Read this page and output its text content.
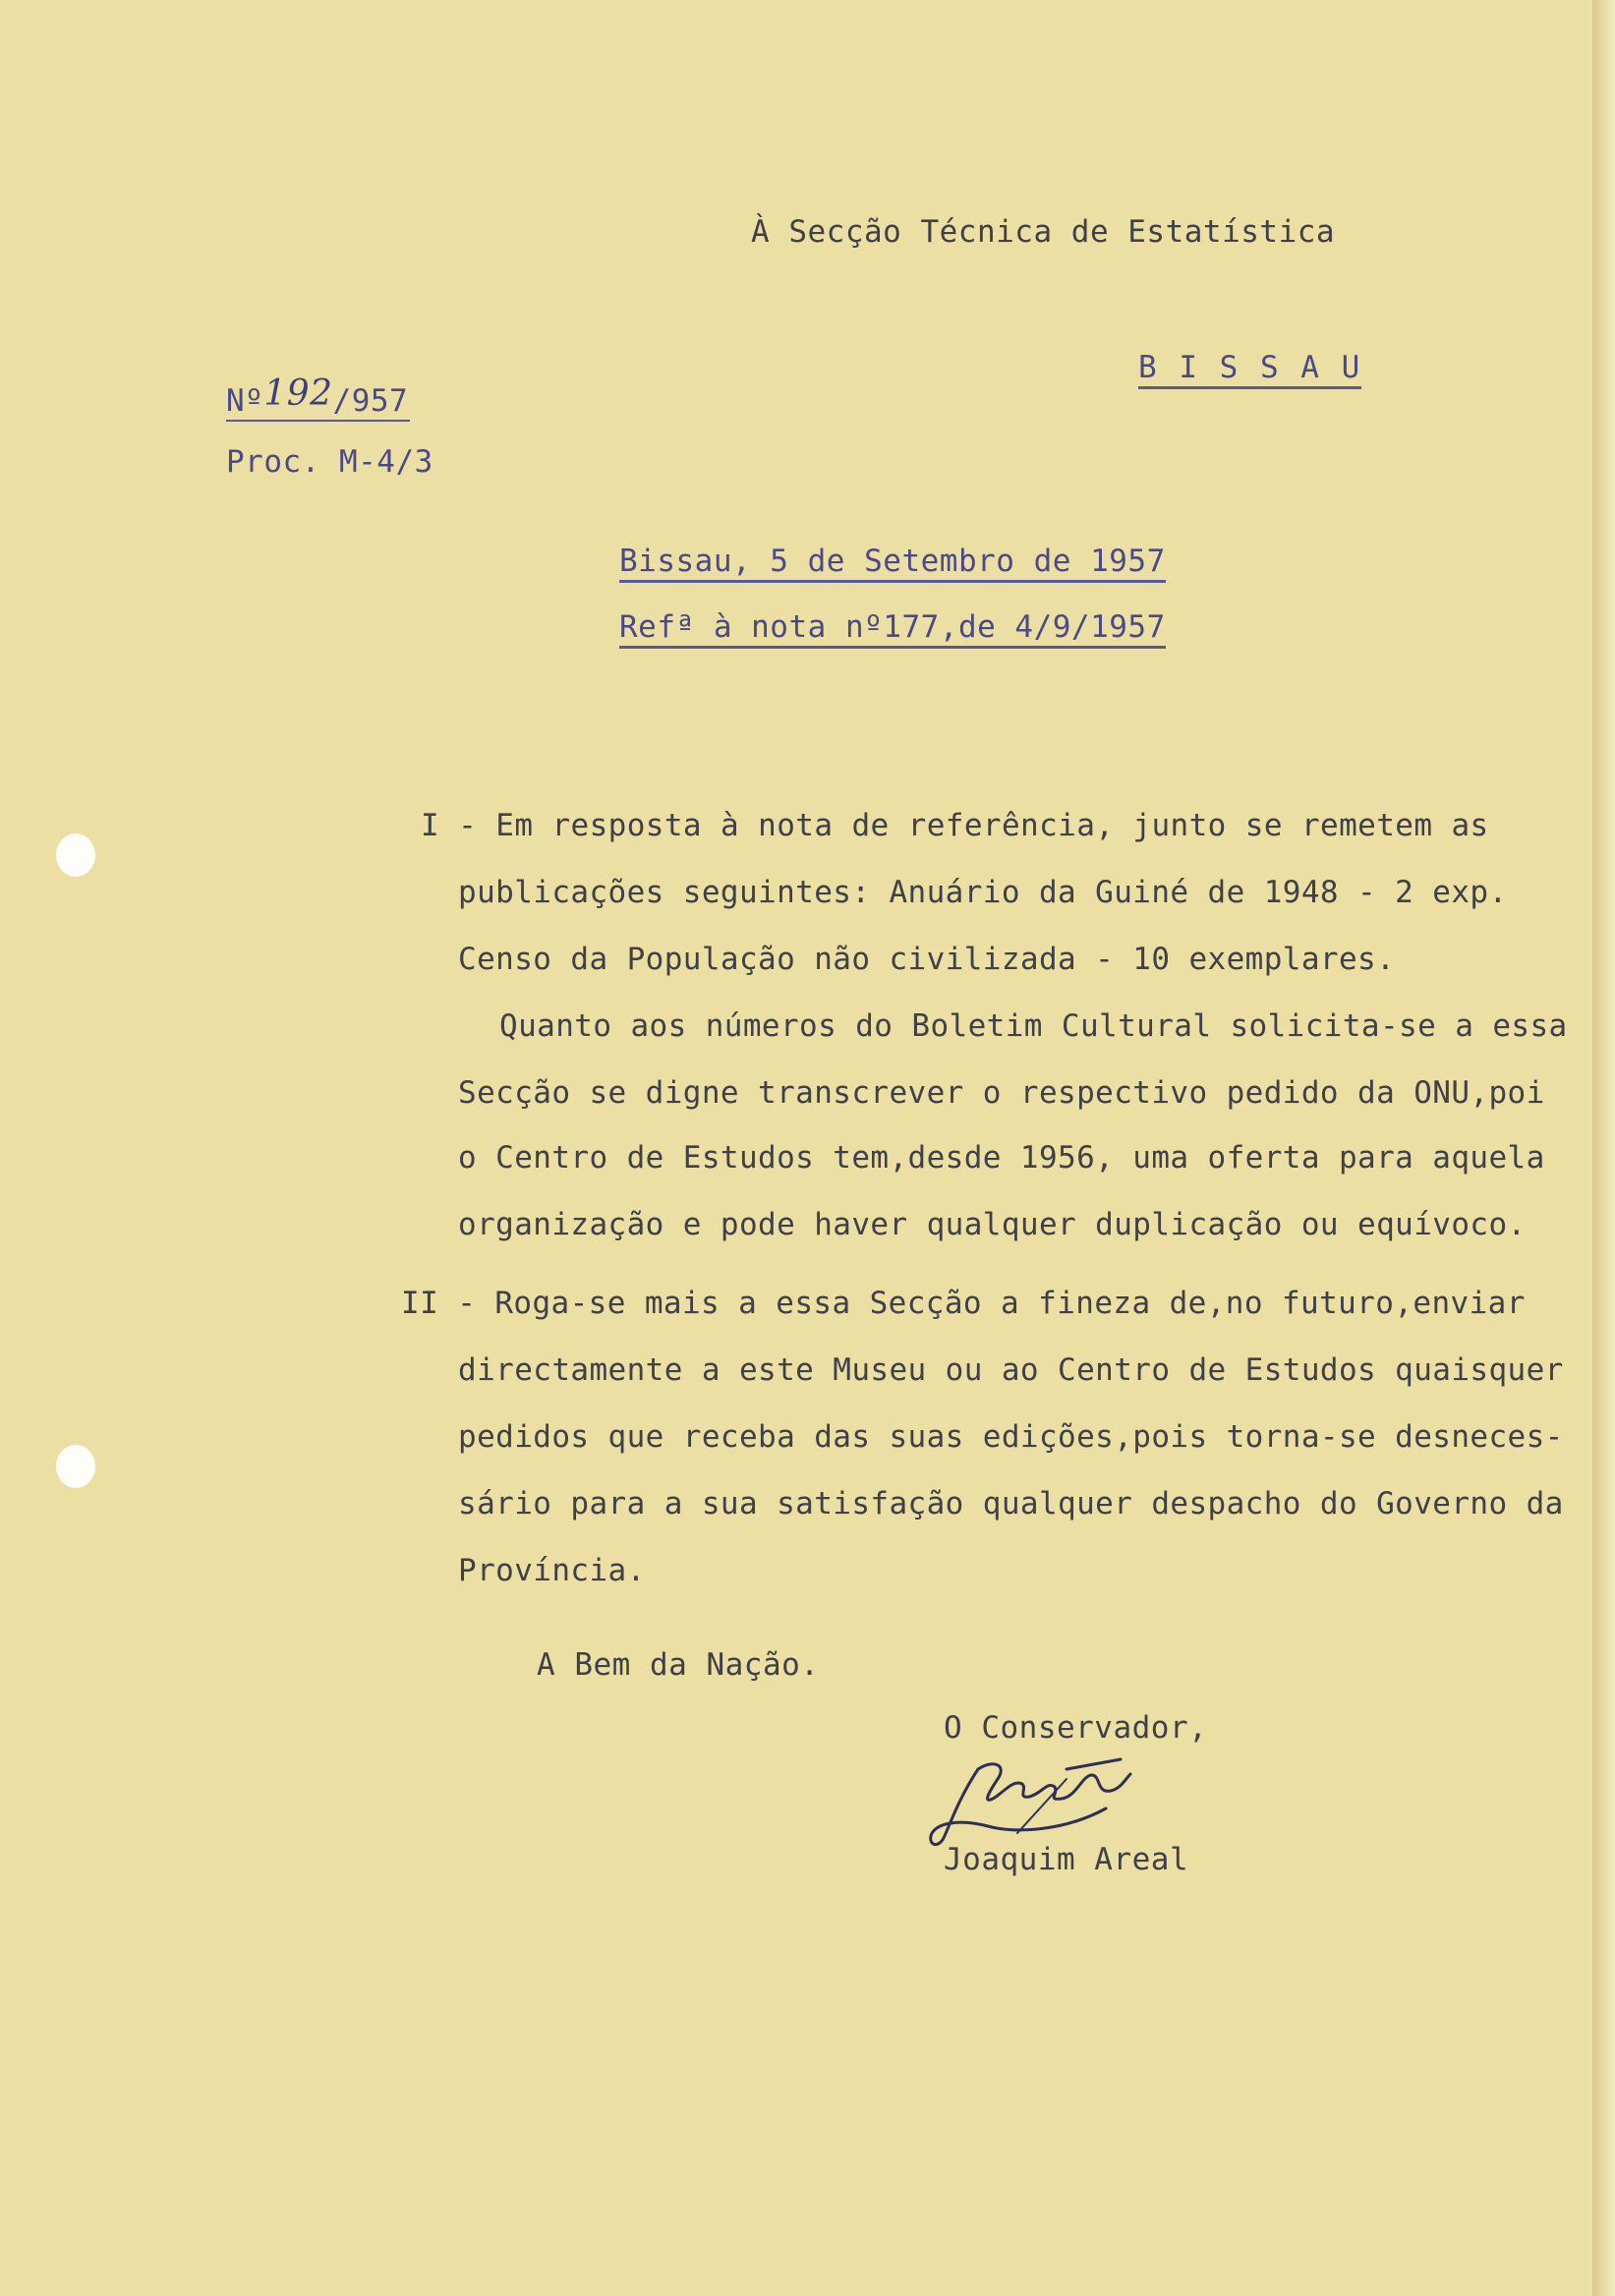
À Secção Técnica de Estatística
B I S S A U
Nº192/957
Proc. M-4/3
Bissau, 5 de Setembro de 1957
Refª à nota nº177,de 4/9/1957
I - Em resposta à nota de referência, junto se remetem as
publicações seguintes: Anuário da Guiné de 1948 - 2 exp.
Censo da População não civilizada - 10 exemplares.
Quanto aos números do Boletim Cultural solicita-se a essa
Secção se digne transcrever o respectivo pedido da ONU,poi
o Centro de Estudos tem,desde 1956, uma oferta para aquela
organização e pode haver qualquer duplicação ou equívoco.
II - Roga-se mais a essa Secção a fineza de,no futuro,enviar
directamente a este Museu ou ao Centro de Estudos quaisquer
pedidos que receba das suas edições,pois torna-se desneces-
sário para a sua satisfação qualquer despacho do Governo da
Província.
A Bem da Nação.
O Conservador,
Joaquim Areal
